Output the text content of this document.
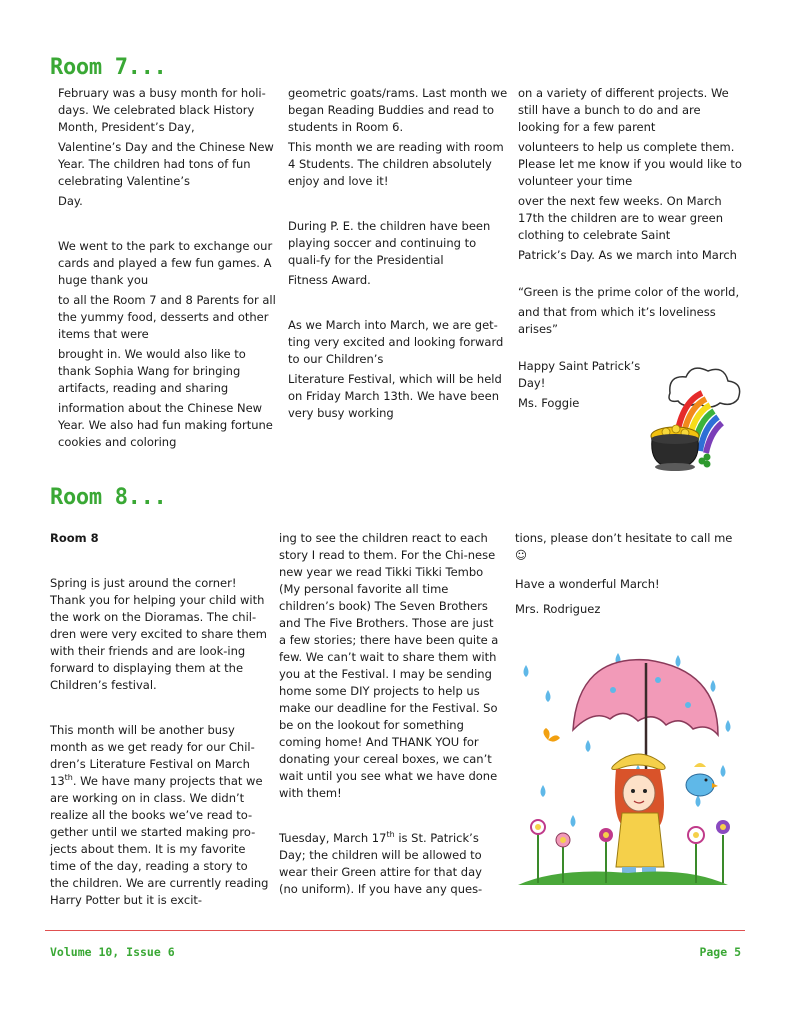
Room 7...

February was a busy month for holi-days. We celebrated black History Month, President’s Day,

Valentine’s Day and the Chinese New Year. The children had tons of fun celebrating Valentine’s

Day.

We went to the park to exchange our cards and played a few fun games. A huge thank you

to all the Room 7 and 8 Parents for all the yummy food, desserts and other items that were

brought in. We would also like to thank Sophia Wang for bringing artifacts, reading and sharing

information about the Chinese New Year. We also had fun making fortune cookies and coloring

geometric goats/rams. Last month we began Reading Buddies and read to students in Room 6.

This month we are reading with room 4 Students. The children absolutely enjoy and love it!

During P. E. the children have been playing soccer and continuing to quali-fy for the Presidential

Fitness Award.

As we March into March, we are get-ting very excited and looking forward to our Children’s

Literature Festival, which will be held on Friday March 13th. We have been very busy working

on a variety of different projects. We still have a bunch to do and are looking for a few parent

volunteers to help us complete them. Please let me know if you would like to volunteer your time

over the next few weeks. On March 17th the children are to wear green clothing to celebrate Saint

Patrick’s Day. As we march into March

“Green is the prime color of the world,

and that from which it’s loveliness arises”

Happy Saint Patrick’s Day!

Ms. Foggie

Room 8...

Room 8

Spring is just around the corner! Thank you for helping your child with the work on the Dioramas. The chil-dren were very excited to share them with their friends and are look-ing forward to displaying them at the Children’s festival.

This month will be another busy month as we get ready for our Chil-dren’s Literature Festival on March 13th. We have many projects that we are working on in class. We didn’t realize all the books we’ve read to-gether until we started making pro-jects about them. It is my favorite time of the day, reading a story to the children. We are currently reading Harry Potter but it is excit-

ing to see the children react to each story I read to them. For the Chi-nese new year we read Tikki Tikki Tembo (My personal favorite all time children’s book) The Seven Brothers and The Five Brothers. Those are just a few stories; there have been quite a few. We can’t wait to share them with you at the Festival. I may be sending home some DIY projects to help us make our deadline for the Festival. So be on the lookout for something coming home! And THANK YOU for donating your cereal boxes, we can’t wait until you see what we have done with them!

Tuesday, March 17th is St. Patrick’s Day; the children will be allowed to wear their Green attire for that day (no uniform). If you have any ques-

tions, please don’t hesitate to call me ☺

Have a wonderful March!

Mrs. Rodriguez

Volume 10, Issue 6	Page 5
